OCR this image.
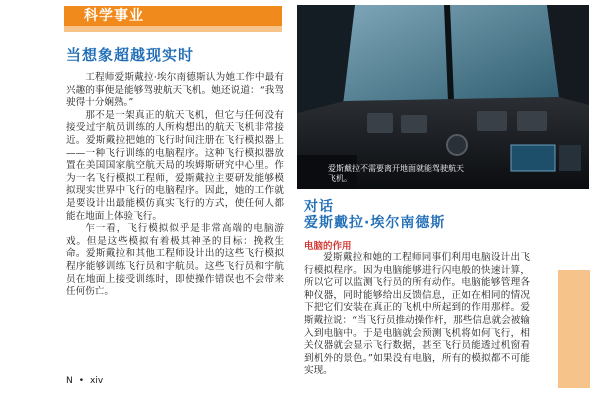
科学事业
当想象超越现实时

工程师爱斯戴拉·埃尔南德斯认为她工作中最有兴趣的事便是能够驾驶航天飞机。她还说道：“我驾驶得十分娴熟。”

那不是一架真正的航天飞机，但它与任何没有接受过宇航员训练的人所构想出的航天飞机非常接近。爱斯戴拉把她的飞行时间注册在飞行模拟器上——一种飞行训练的电脑程序。这种飞行模拟器放置在美国国家航空航天局的埃姆斯研究中心里。作为一名飞行模拟工程师，爱斯戴拉主要研发能够模拟现实世界中飞行的电脑程序。因此，她的工作就是要设计出最能模仿真实飞行的方式，使任何人都能在地面上体验飞行。

乍一看，飞行模拟似乎是非常高端的电脑游戏。但是这些模拟有着极其神圣的目标：挽救生命。爱斯戴拉和其他工程师设计出的这些飞行模拟程序能够训练飞行员和宇航员。这些飞行员和宇航员在地面上接受训练时，即使操作错误也不会带来任何伤亡。

爱斯戴拉不需要离开地面就能驾驶航天飞机。
对话
爱斯戴拉·埃尔南德斯
电脑的作用

爱斯戴拉和她的工程师同事们利用电脑设计出飞行模拟程序。因为电脑能够进行闪电般的快速计算，所以它可以监测飞行员的所有动作。电脑能够管理各种仪器，同时能够给出反馈信息，正如在相同的情况下把它们安装在真正的飞机中所起到的作用那样。爱斯戴拉说：“当飞行员推动操作杆，那些信息就会被输入到电脑中。于是电脑就会预测飞机将如何飞行，相关仪器就会显示飞行数据，甚至飞行员能透过机窗看到机外的景色。”如果没有电脑，所有的模拟都不可能实现。

N • xiv
